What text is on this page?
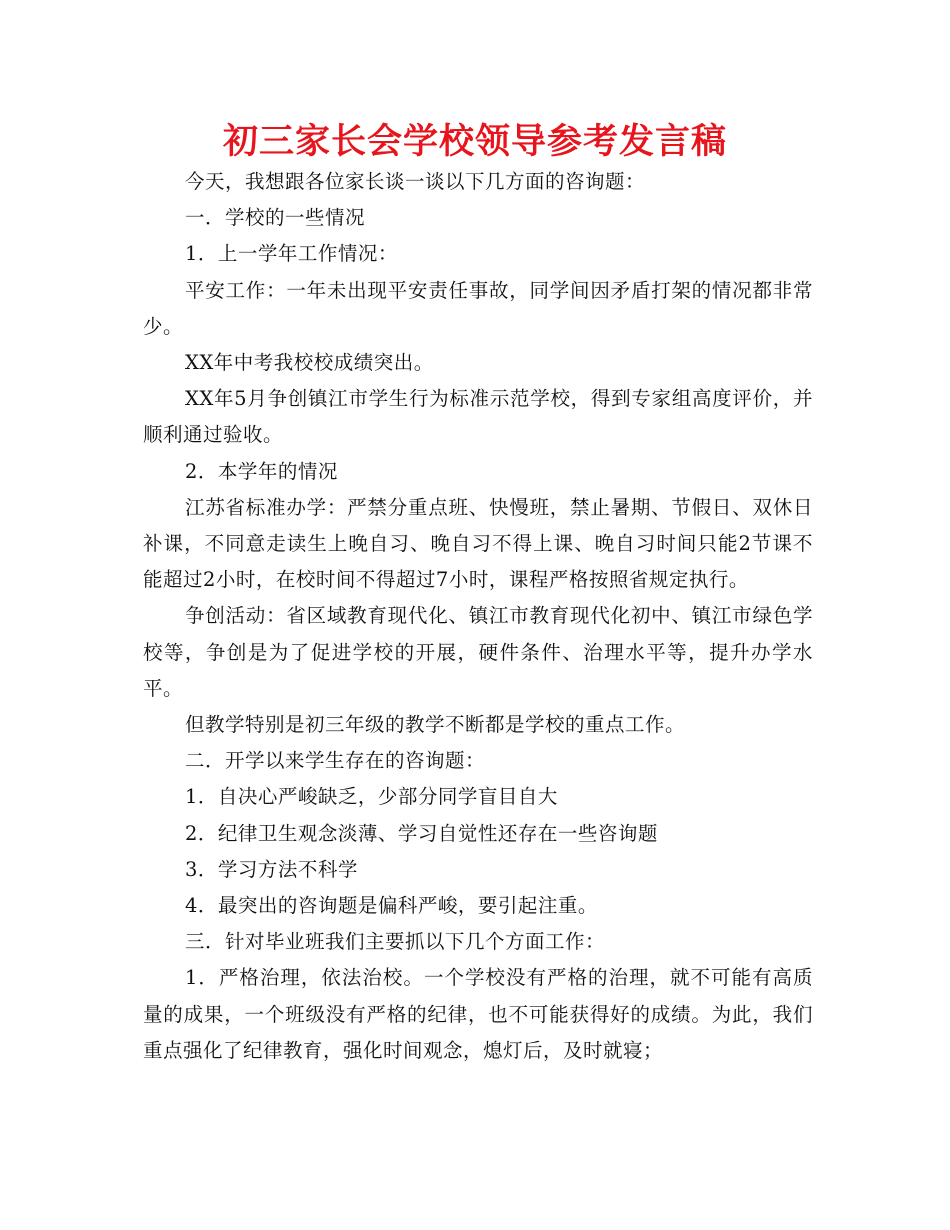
初三家长会学校领导参考发言稿

今天，我想跟各位家长谈一谈以下几方面的咨询题：

一．学校的一些情况

1．上一学年工作情况：

平安工作：一年未出现平安责任事故，同学间因矛盾打架的情况都非常少。

XX年中考我校校成绩突出。

XX年5月争创镇江市学生行为标准示范学校，得到专家组高度评价，并顺利通过验收。

2．本学年的情况

江苏省标准办学：严禁分重点班、快慢班，禁止暑期、节假日、双休日补课，不同意走读生上晚自习、晚自习不得上课、晚自习时间只能2节课不能超过2小时，在校时间不得超过7小时，课程严格按照省规定执行。

争创活动：省区域教育现代化、镇江市教育现代化初中、镇江市绿色学校等，争创是为了促进学校的开展，硬件条件、治理水平等，提升办学水平。

但教学特别是初三年级的教学不断都是学校的重点工作。

二．开学以来学生存在的咨询题：

1．自决心严峻缺乏，少部分同学盲目自大

2．纪律卫生观念淡薄、学习自觉性还存在一些咨询题

3．学习方法不科学

4．最突出的咨询题是偏科严峻，要引起注重。

三．针对毕业班我们主要抓以下几个方面工作：

1．严格治理，依法治校。一个学校没有严格的治理，就不可能有高质量的成果，一个班级没有严格的纪律，也不可能获得好的成绩。为此，我们重点强化了纪律教育，强化时间观念，熄灯后，及时就寝；
